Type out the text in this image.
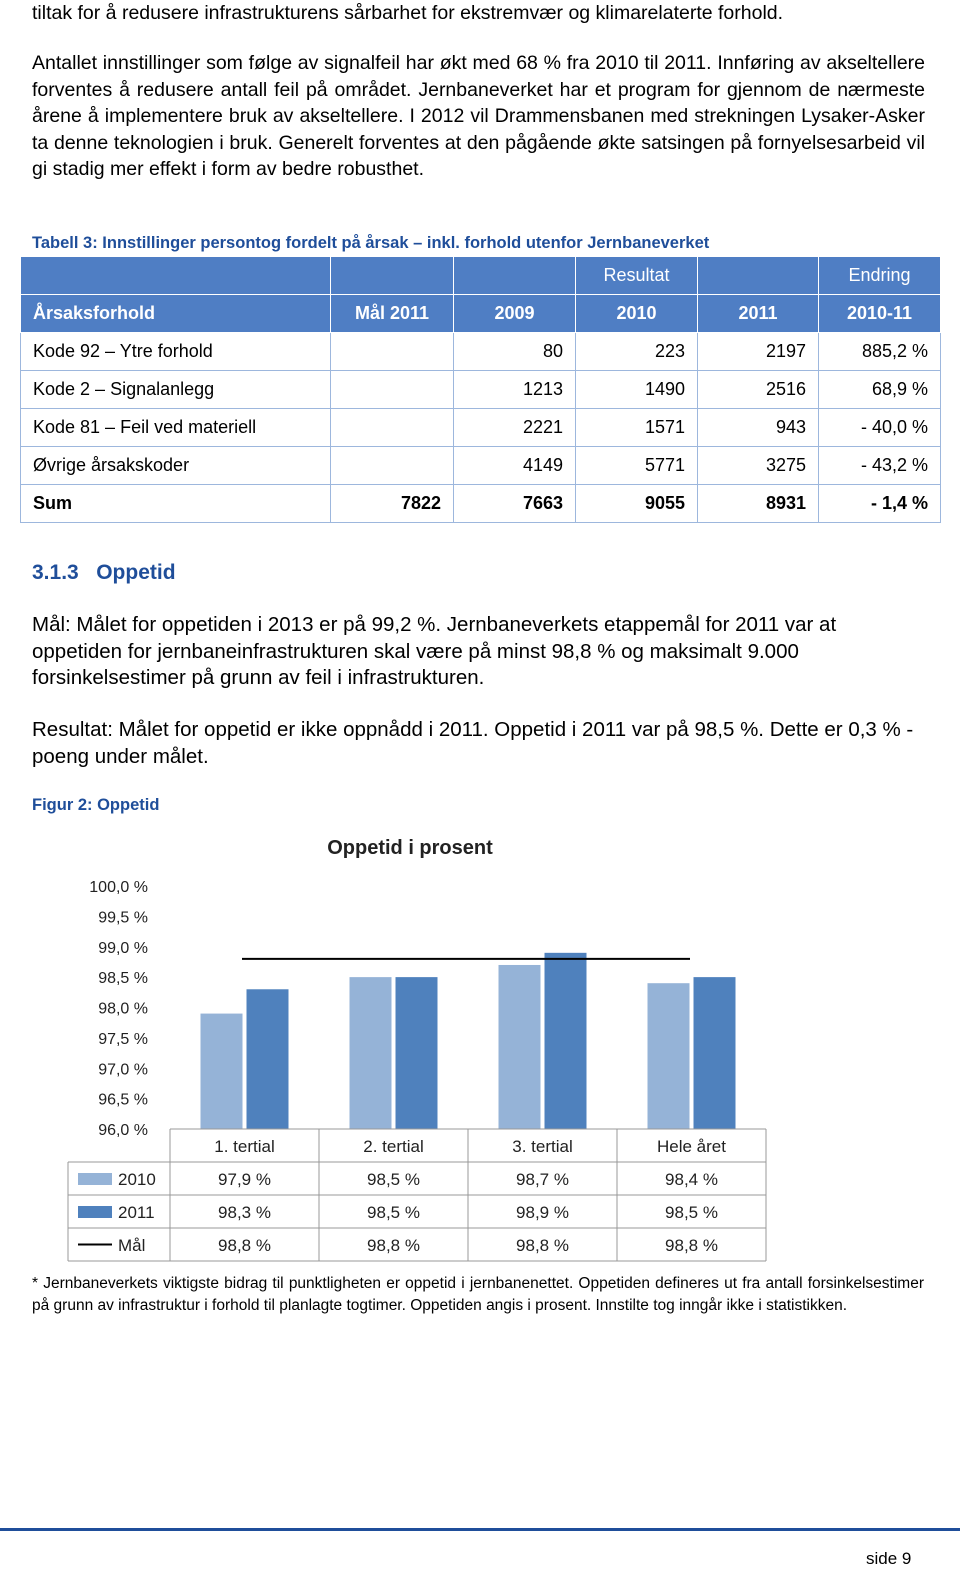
tiltak for å redusere infrastrukturens sårbarhet for ekstremvær og klimarelaterte forhold.
Antallet innstillinger som følge av signalfeil har økt med 68 % fra 2010 til 2011. Innføring av akseltellere forventes å redusere antall feil på området. Jernbaneverket har et program for gjennom de nærmeste årene å implementere bruk av akseltellere. I 2012 vil Drammensbanen med strekningen Lysaker-Asker ta denne teknologien i bruk. Generelt forventes at den pågående økte satsingen på fornyelsesarbeid vil gi stadig mer effekt i form av bedre robusthet.
Tabell 3: Innstillinger persontog fordelt på årsak – inkl. forhold utenfor Jernbaneverket
			Resultat		Endring
Årsaksforhold	Mål 2011	2009	2010	2011	2010-11
Kode 92 – Ytre forhold		80	223	2197	885,2 %
Kode 2 – Signalanlegg		1213	1490	2516	68,9 %
Kode 81 – Feil ved materiell		2221	1571	943	- 40,0 %
Øvrige årsakskoder		4149	5771	3275	- 43,2 %
Sum	7822	7663	9055	8931	- 1,4 %
3.1.3   Oppetid
Mål: Målet for oppetiden i 2013 er på 99,2 %. Jernbaneverkets etappemål for 2011 var at oppetiden for jernbaneinfrastrukturen skal være på minst 98,8 % og maksimalt 9.000 forsinkelsestimer på grunn av feil i infrastrukturen.
Resultat: Målet for oppetid er ikke oppnådd i 2011. Oppetid i 2011 var på 98,5 %. Dette er 0,3 % -poeng under målet.
Figur 2: Oppetid
Oppetid i prosent
96,0 %
96,5 %
97,0 %
97,5 %
98,0 %
98,5 %
99,0 %
99,5 %
100,0 %
1. tertial	2. tertial	3. tertial	Hele året
2010	97,9 %	98,5 %	98,7 %	98,4 %
2011	98,3 %	98,5 %	98,9 %	98,5 %
Mål	98,8 %	98,8 %	98,8 %	98,8 %
* Jernbaneverkets viktigste bidrag til punktligheten er oppetid i jernbanenettet. Oppetiden defineres ut fra antall forsinkelsestimer på grunn av infrastruktur i forhold til planlagte togtimer. Oppetiden angis i prosent. Innstilte tog inngår ikke i statistikken.
side 9
